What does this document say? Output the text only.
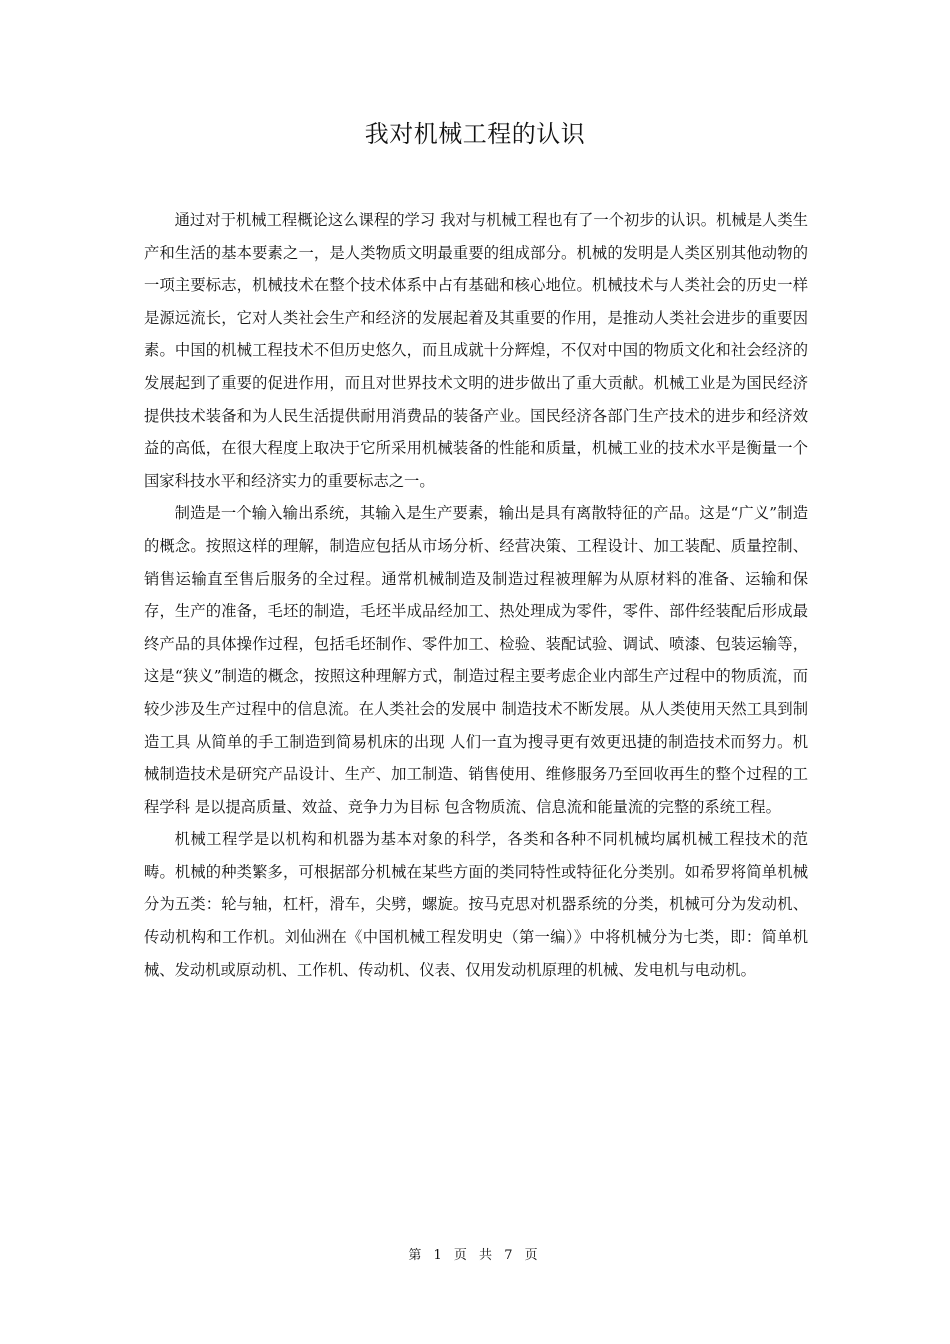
我对机械工程的认识

通过对于机械工程概论这么课程的学习 我对与机械工程也有了一个初步的认识。机械是人类生产和生活的基本要素之一，是人类物质文明最重要的组成部分。机械的发明是人类区别其他动物的一项主要标志，机械技术在整个技术体系中占有基础和核心地位。机械技术与人类社会的历史一样是源远流长，它对人类社会生产和经济的发展起着及其重要的作用，是推动人类社会进步的重要因素。中国的机械工程技术不但历史悠久，而且成就十分辉煌，不仅对中国的物质文化和社会经济的发展起到了重要的促进作用，而且对世界技术文明的进步做出了重大贡献。机械工业是为国民经济提供技术装备和为人民生活提供耐用消费品的装备产业。国民经济各部门生产技术的进步和经济效益的高低，在很大程度上取决于它所采用机械装备的性能和质量，机械工业的技术水平是衡量一个国家科技水平和经济实力的重要标志之一。

制造是一个输入输出系统，其输入是生产要素，输出是具有离散特征的产品。这是“广义”制造的概念。按照这样的理解，制造应包括从市场分析、经营决策、工程设计、加工装配、质量控制、销售运输直至售后服务的全过程。通常机械制造及制造过程被理解为从原材料的准备、运输和保存，生产的准备，毛坯的制造，毛坯半成品经加工、热处理成为零件，零件、部件经装配后形成最终产品的具体操作过程，包括毛坯制作、零件加工、检验、装配试验、调试、喷漆、包装运输等，这是“狭义”制造的概念，按照这种理解方式，制造过程主要考虑企业内部生产过程中的物质流，而较少涉及生产过程中的信息流。在人类社会的发展中 制造技术不断发展。从人类使用天然工具到制造工具 从简单的手工制造到简易机床的出现 人们一直为搜寻更有效更迅捷的制造技术而努力。机械制造技术是研究产品设计、生产、加工制造、销售使用、维修服务乃至回收再生的整个过程的工程学科 是以提高质量、效益、竞争力为目标 包含物质流、信息流和能量流的完整的系统工程。

机械工程学是以机构和机器为基本对象的科学，各类和各种不同机械均属机械工程技术的范畴。机械的种类繁多，可根据部分机械在某些方面的类同特性或特征化分类别。如希罗将简单机械分为五类：轮与轴，杠杆，滑车，尖劈，螺旋。按马克思对机器系统的分类，机械可分为发动机、传动机构和工作机。刘仙洲在《中国机械工程发明史（第一编）》中将机械分为七类，即：简单机械、发动机或原动机、工作机、传动机、仪表、仅用发动机原理的机械、发电机与电动机。

第 1 页 共 7 页
